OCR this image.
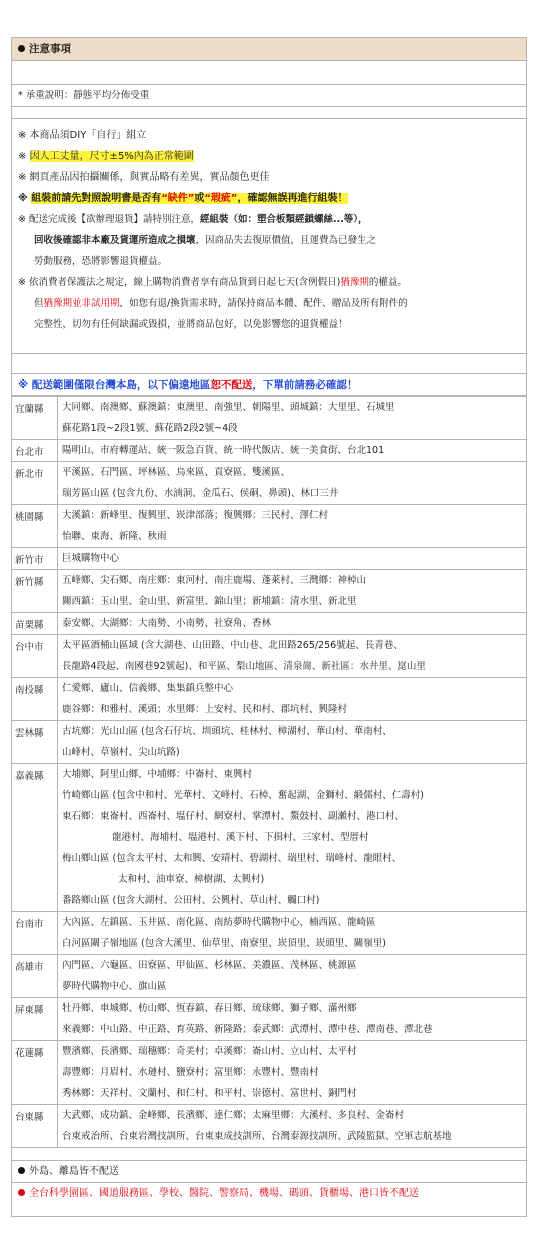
注意事項
* 承重說明：靜態平均分佈受重
※ 本商品須DIY「自行」組立
※ 因人工丈量，尺寸±5%內為正常範圍
※ 網頁產品因拍攝關係，與實品略有差異，實品顏色更佳
※ 組裝前請先對照說明書是否有“缺件”或“瑕疵”，確認無誤再進行組裝！
※ 配送完成後【欲辦理退貨】請特別注意，經組裝（如：塑合板類經鎖螺絲...等），
回收後確認非本廠及貨運所造成之損壞，因商品失去復原價值，且運費為已發生之
勞動服務，恐將影響退貨權益。
※ 依消費者保護法之規定，線上購物消費者享有商品貨到日起七天(含例假日)猶豫期的權益。
但猶豫期並非試用期，如您有退/換貨需求時，請保持商品本體、配件、贈品及所有附件的
完整性，切勿有任何缺漏或毀損，並將商品包好，以免影響您的退貨權益！
※ 配送範圍僅限台灣本島，以下偏遠地區恕不配送，下單前請務必確認！
宜蘭縣	大同鄉、南澳鄉、蘇澳鎮：東澳里、南強里、朝陽里、頭城鎮：大里里、石城里
蘇花路1段~2段1號、蘇花路2段2號~4段
台北市	陽明山、市府轉運站、統一阪急百貨、統一時代飯店、統一美食街、台北101
新北市	平溪區、石門區、坪林區、烏來區、貢寮區、雙溪區、
瑞芳區山區 (包含九份、水湳洞、金瓜石、侯硐、鼻頭)、林口三井
桃園縣	大溪鎮：新峰里、復興里、崁津部落；復興鄉：三民村、澤仁村
怡聯、東海、新隆、秋雨
新竹市	巨城購物中心
新竹縣	五峰鄉、尖石鄉、南庄鄉：東河村、南庄鹿場、蓬萊村、三灣鄉：神棹山
關西鎮：玉山里、金山里、新富里、錦山里；新埔鎮：清水里、新北里
苗栗縣	泰安鄉、大湖鄉：大南勢、小南勢、社寮角、香林
台中市	太平區酒桶山區域 (含大湖巷、山田路、中山巷、北田路265/256號起、長青巷、
長龍路4段起、南國巷92號起)、和平區、梨山地區、清泉崗、新社區：水井里、崑山里
南投縣	仁愛鄉、廬山、信義鄉、集集鎮兵整中心
鹿谷鄉：和雅村、溪頭；水里鄉：上安村、民和村、郡坑村、興隆村
雲林縣	古坑鄉：光山山區 (包含石仔坑、圳頭坑、桂林村、樟湖村、華山村、華南村、
山峰村、草嶺村、尖山坑路)
嘉義縣	大埔鄉、阿里山鄉、中埔鄉：中崙村、東興村
竹崎鄉山區 (包含中和村、光華村、文峰村、石棹、奮起湖、金獅村、緞儒村、仁壽村)
東石鄉：東崙村、西崙村、塭仔村、網寮村、掌潭村、鰲鼓村、副瀨村、港口村、
龍港村、海埔村、塭港村、溪下村、下揖村、三家村、型厝村
梅山鄉山區 (包含太平村、太和興、安靖村、碧湖村、瑞里村、瑞峰村、龍眼村、
太和村、油車寮、樟樹湖、太興村)
番路鄉山區 (包含大湖村、公田村、公興村、草山村、觸口村)
台南市	大內區、左鎮區、玉井區、南化區、南紡夢時代購物中心、楠西區、龍崎區
白河區關子嶺地區 (包含大溪里、仙草里、南寮里、崁頂里、崁頭里、關嶺里)
高雄市	內門區、六龜區、田寮區、甲仙區、杉林區、美濃區、茂林區、桃源區
夢時代購物中心、旗山區
屏東縣	牡丹鄉、車城鄉、枋山鄉、恆春鎮、春日鄉、琉球鄉、獅子鄉、滿州鄉
來義鄉：中山路、中正路、育英路、新隆路；泰武鄉：武潭村、潭中巷、潭南巷、潭北巷
花蓮縣	豐濱鄉、長濱鄉、瑞穗鄉：奇美村；卓溪鄉：崙山村、立山村、太平村
壽豐鄉：月眉村、水璉村、鹽寮村；富里鄉：永豐村、豐南村
秀林鄉：天祥村、文蘭村、和仁村、和平村、崇德村、富世村、銅門村
台東縣	大武鄉、成功鎮、金峰鄉、長濱鄉、達仁鄉；太麻里鄉：大溪村、多良村、金崙村
台東戒治所、台東岩灣技訓所、台東東成技訓所、台灣泰源技訓所、武陵監獄、空軍志航基地
外島、離島皆不配送
全台科學園區、國道服務區、學校、醫院、警察局、機場、碼頭、貨櫃場、港口皆不配送
